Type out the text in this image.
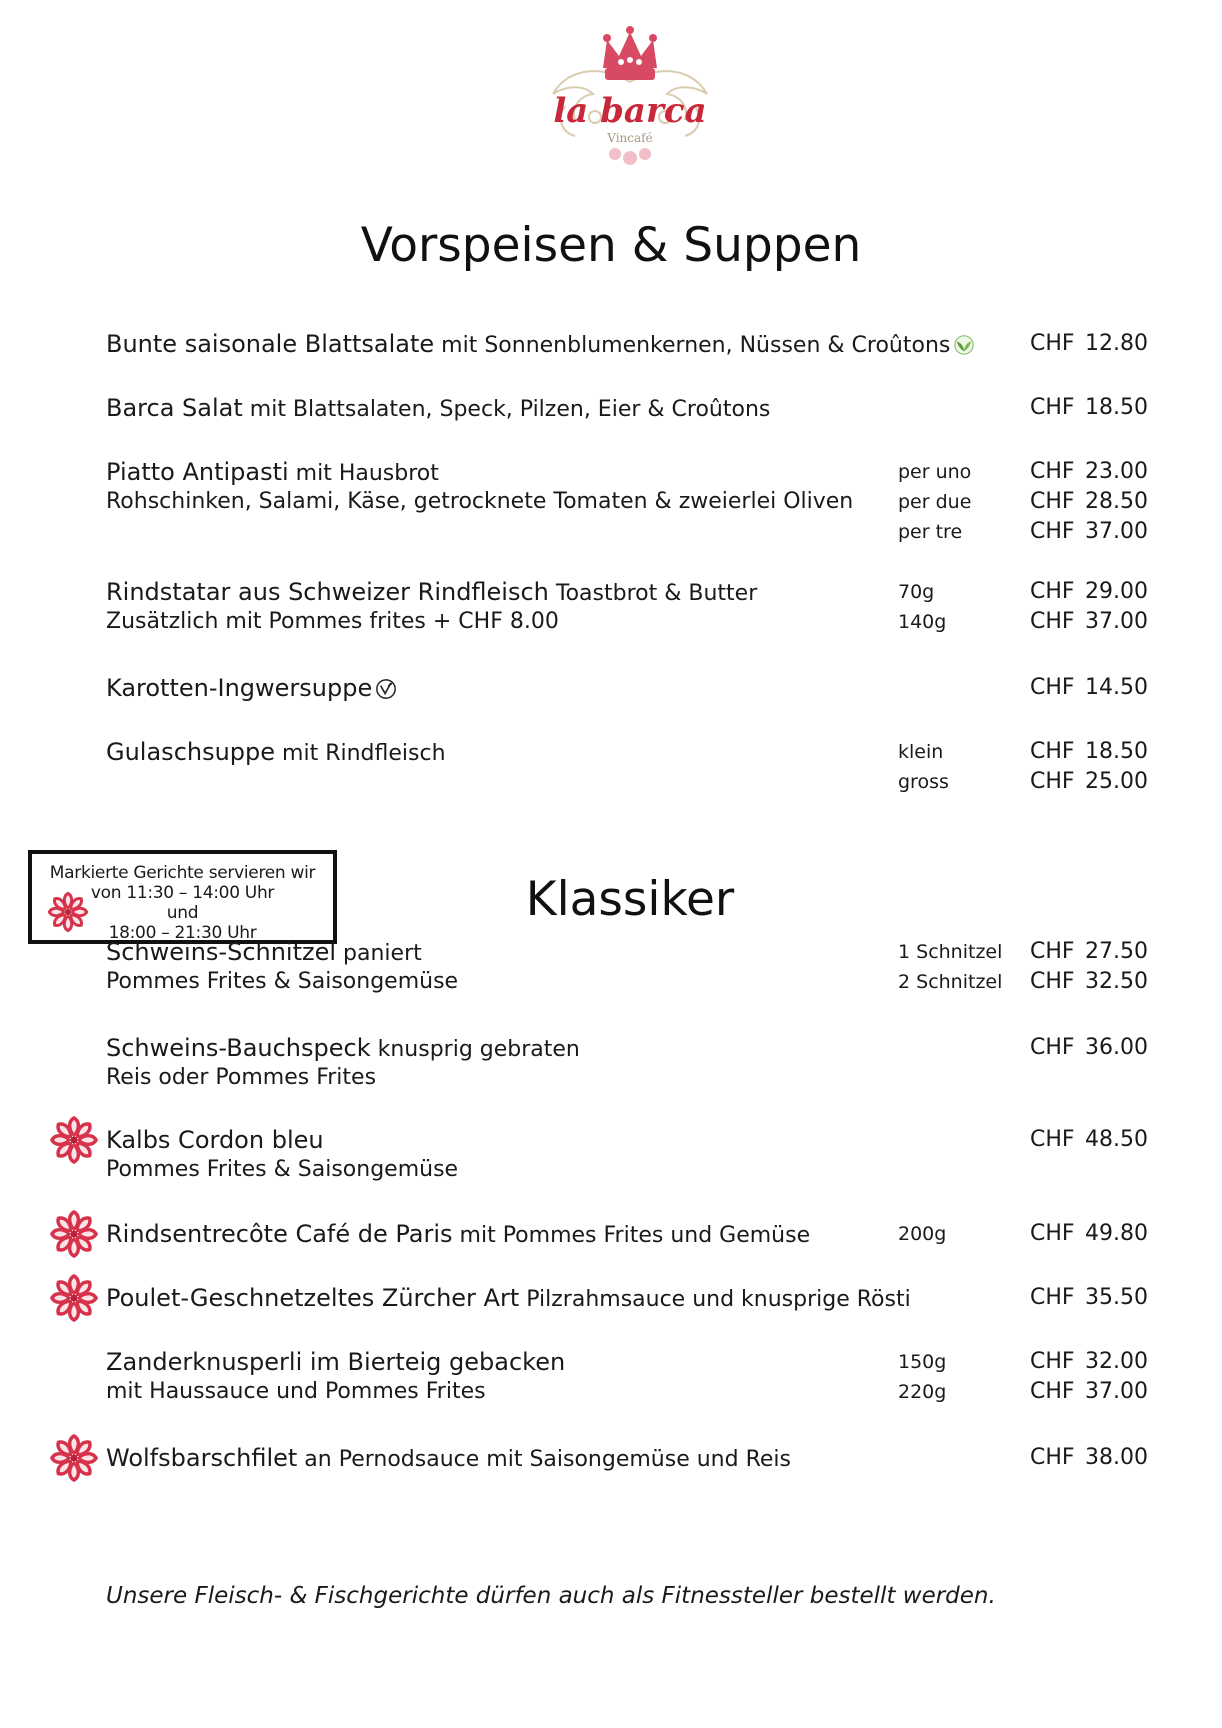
la barca
Vincafé
Vorspeisen & Suppen
Klassiker
Markierte Gerichte servieren wir
von 11:30 – 14:00 Uhr
und
18:00 – 21:30 Uhr
Bunte saisonale Blattsalate mit Sonnenblumenkernen, Nüssen & Croûtons	CHF 12.80
Barca Salat mit Blattsalaten, Speck, Pilzen, Eier & Croûtons	CHF 18.50
Piatto Antipasti mit Hausbrot
Rohschinken, Salami, Käse, getrocknete Tomaten & zweierlei Oliven
per uno	CHF 23.00
per due	CHF 28.50
per tre	CHF 37.00
Rindstatar aus Schweizer Rindfleisch Toastbrot & Butter
Zusätzlich mit Pommes frites + CHF 8.00
70g	CHF 29.00
140g	CHF 37.00
Karotten-Ingwersuppe	CHF 14.50
Gulaschsuppe mit Rindfleisch	klein	CHF 18.50
gross	CHF 25.00
Schweins-Schnitzel paniert
Pommes Frites & Saisongemüse
1 Schnitzel CHF 27.50
2 Schnitzel CHF 32.50
Schweins-Bauchspeck knusprig gebraten
Reis oder Pommes Frites
CHF 36.00
Kalbs Cordon bleu
Pommes Frites & Saisongemüse
CHF 48.50
Rindsentrecôte Café de Paris mit Pommes Frites und Gemüse	200g	CHF 49.80
Poulet-Geschnetzeltes Zürcher Art Pilzrahmsauce und knusprige Rösti	CHF 35.50
Zanderknusperli im Bierteig gebacken
mit Haussauce und Pommes Frites
150g	CHF 32.00
220g	CHF 37.00
Wolfsbarschfilet an Pernodsauce mit Saisongemüse und Reis	CHF 38.00
Unsere Fleisch- & Fischgerichte dürfen auch als Fitnessteller bestellt werden.
